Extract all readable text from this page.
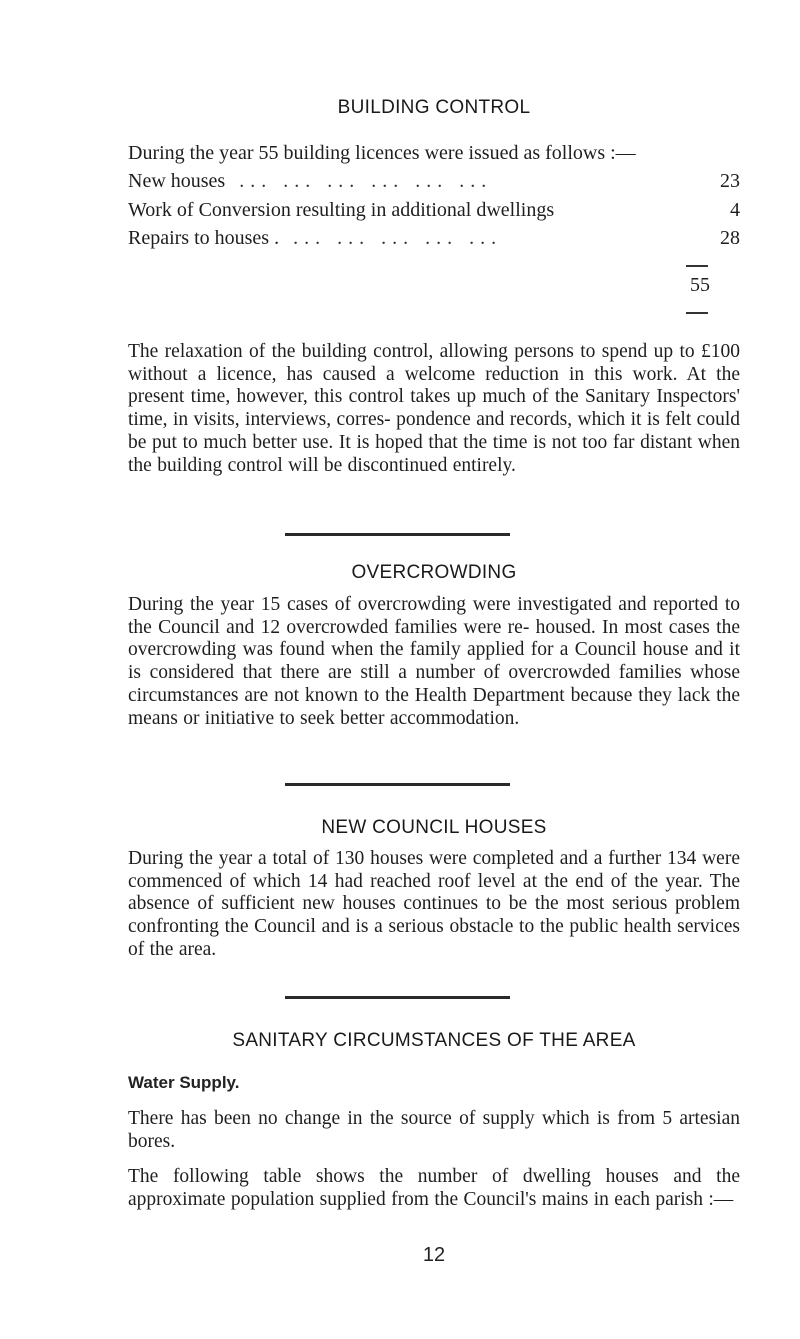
BUILDING CONTROL
During the year 55 building licences were issued as follows :—
New houses ... ... ... ... ... ...	23
Work of Conversion resulting in additional dwellings	4
Repairs to houses . ... ... ... ... ...	28
55

The relaxation of the building control, allowing persons to spend up to £100 without a licence, has caused a welcome reduction in this work. At the present time, however, this control takes up much of the Sanitary Inspectors' time, in visits, interviews, corres- pondence and records, which it is felt could be put to much better use. It is hoped that the time is not too far distant when the building control will be discontinued entirely.

OVERCROWDING

During the year 15 cases of overcrowding were investigated and reported to the Council and 12 overcrowded families were re- housed. In most cases the overcrowding was found when the family applied for a Council house and it is considered that there are still a number of overcrowded families whose circumstances are not known to the Health Department because they lack the means or initiative to seek better accommodation.

NEW COUNCIL HOUSES

During the year a total of 130 houses were completed and a further 134 were commenced of which 14 had reached roof level at the end of the year. The absence of sufficient new houses continues to be the most serious problem confronting the Council and is a serious obstacle to the public health services of the area.

SANITARY CIRCUMSTANCES OF THE AREA
Water Supply.

There has been no change in the source of supply which is from 5 artesian bores.

The following table shows the number of dwelling houses and the approximate population supplied from the Council's mains in each parish :—

12
